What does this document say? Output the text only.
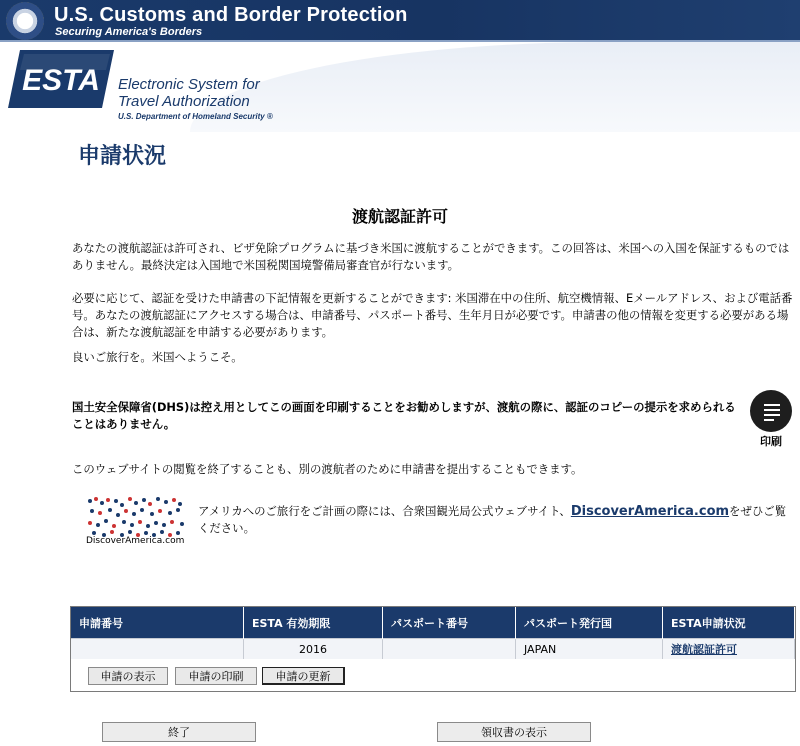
U.S. Customs and Border Protection
Securing America's Borders
ESTA Electronic System for
Travel Authorization
U.S. Department of Homeland Security ®
申請状況
渡航認証許可
あなたの渡航認証は許可され、ビザ免除プログラムに基づき米国に渡航することができます。この回答は、米国への入国を保証するものではありません。最終決定は入国地で米国税関国境警備局審査官が行ないます。
必要に応じて、認証を受けた申請書の下記情報を更新することができます: 米国滞在中の住所、航空機情報、Eメールアドレス、および電話番号。あなたの渡航認証にアクセスする場合は、申請番号、パスポート番号、生年月日が必要です。申請書の他の情報を変更する必要がある場合は、新たな渡航認証を申請する必要があります。
良いご旅行を。米国へようこそ。
国土安全保障省(DHS)は控え用としてこの画面を印刷することをお勧めしますが、渡航の際に、認証のコピーの提示を求められることはありません。
印刷
このウェブサイトの閲覧を終了することも、別の渡航者のために申請書を提出することもできます。
DiscoverAmerica.com
アメリカへのご旅行をご計画の際には、合衆国観光局公式ウェブサイト、DiscoverAmerica.comをぜひご覧ください。
申請番号	ESTA 有効期限	パスポート番号	パスポート発行国	ESTA申請状況
	2016		JAPAN	渡航認証許可
申請の表示	申請の印刷	申請の更新
終了	領収書の表示
